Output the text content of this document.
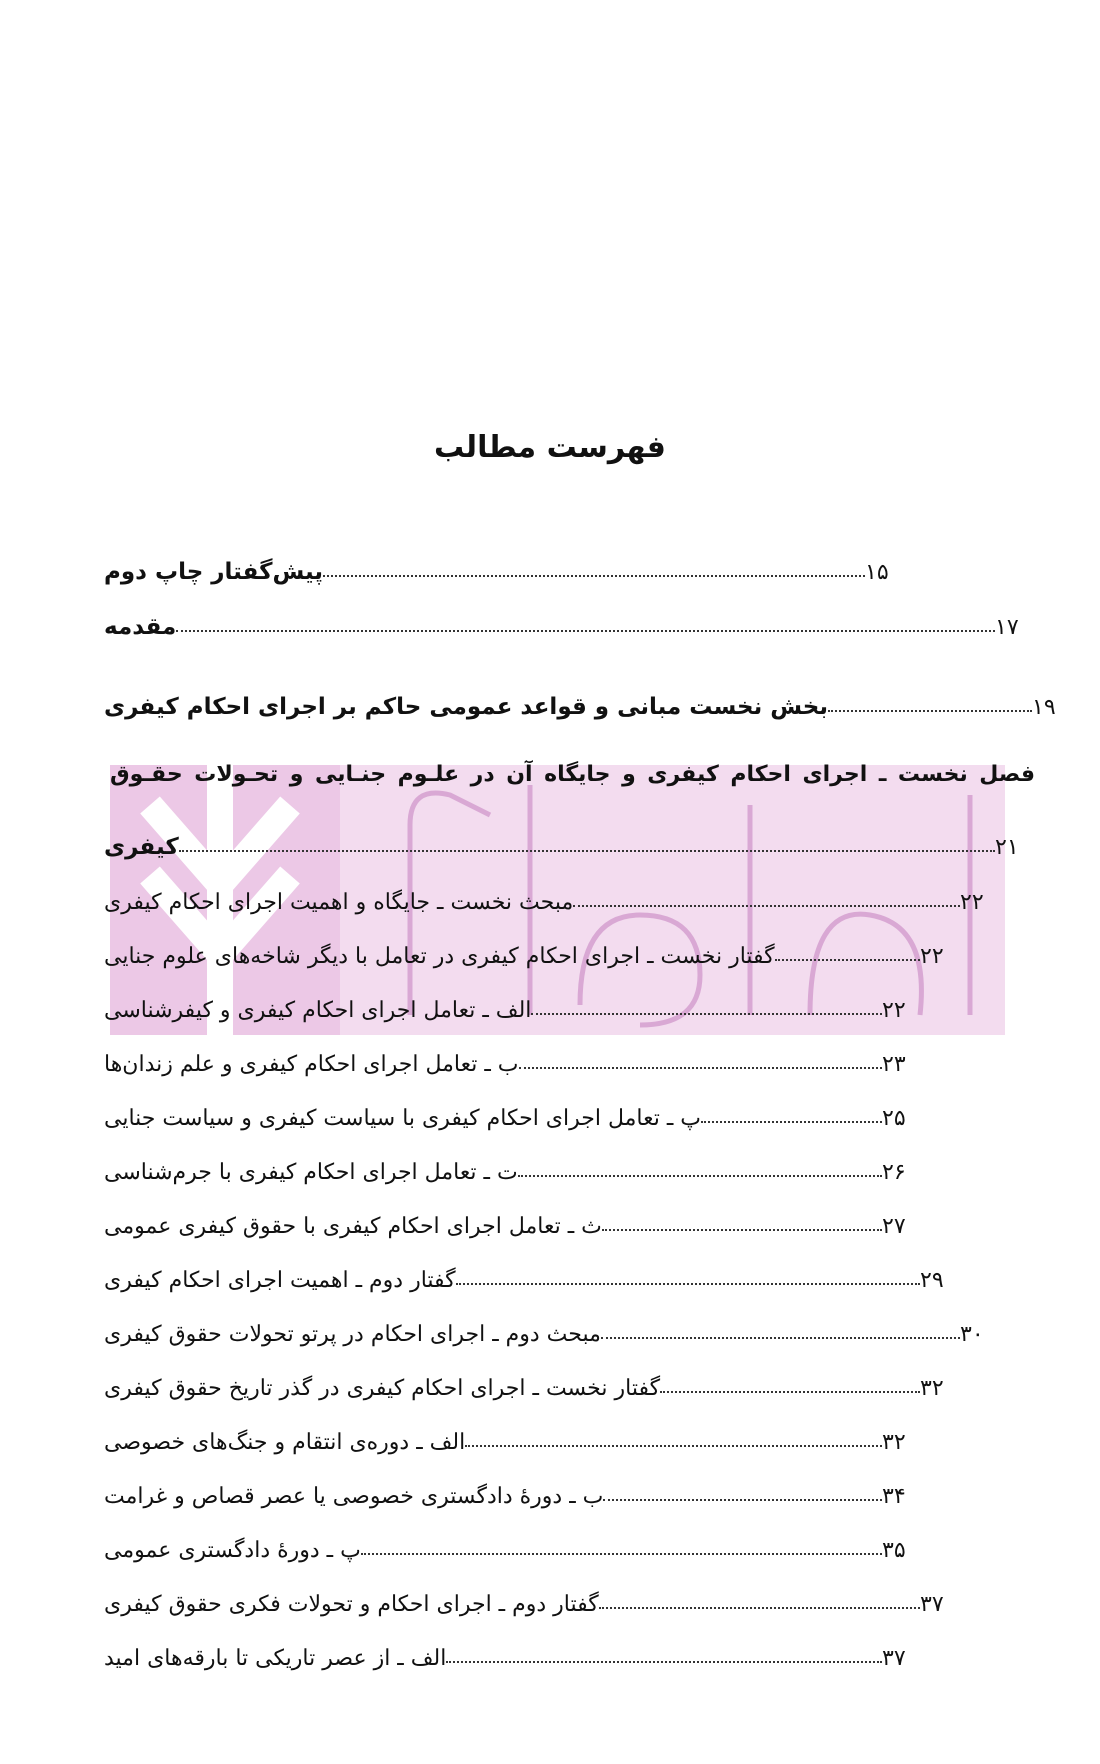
فهرست مطالب
پیش‌گفتار چاپ دوم	۱۵
مقدمه	۱۷
بخش نخست مبانی و قواعد عمومی حاکم بر اجرای احکام کیفری	۱۹
فصل نخست ـ اجرای احکام کیفری و جایگاه آن در علـوم جنـایی و تحـولات حقـوق
کیفری	۲۱
مبحث نخست ـ جایگاه و اهمیت اجرای احکام کیفری	۲۲
گفتار نخست ـ اجرای احکام کیفری در تعامل با دیگر شاخه‌های علوم جنایی	۲۲
الف ـ تعامل اجرای احکام کیفری و کیفرشناسی	۲۲
ب ـ تعامل اجرای احکام کیفری و علم زندان‌ها	۲۳
پ ـ تعامل اجرای احکام کیفری با سیاست کیفری و سیاست جنایی	۲۵
ت ـ تعامل اجرای احکام کیفری با جرم‌شناسی	۲۶
ث ـ تعامل اجرای احکام کیفری با حقوق کیفری عمومی	۲۷
گفتار دوم ـ اهمیت اجرای احکام کیفری	۲۹
مبحث دوم ـ اجرای احکام در پرتو تحولات حقوق کیفری	۳۰
گفتار نخست ـ اجرای احکام کیفری در گذر تاریخ حقوق کیفری	۳۲
الف ـ دوره‌ی انتقام و جنگ‌های خصوصی	۳۲
ب ـ دورهٔ دادگستری خصوصی یا عصر قصاص و غرامت	۳۴
پ ـ دورهٔ دادگستری عمومی	۳۵
گفتار دوم ـ اجرای احکام و تحولات فکری حقوق کیفری	۳۷
الف ـ از عصر تاریکی تا بارقه‌های امید	۳۷
